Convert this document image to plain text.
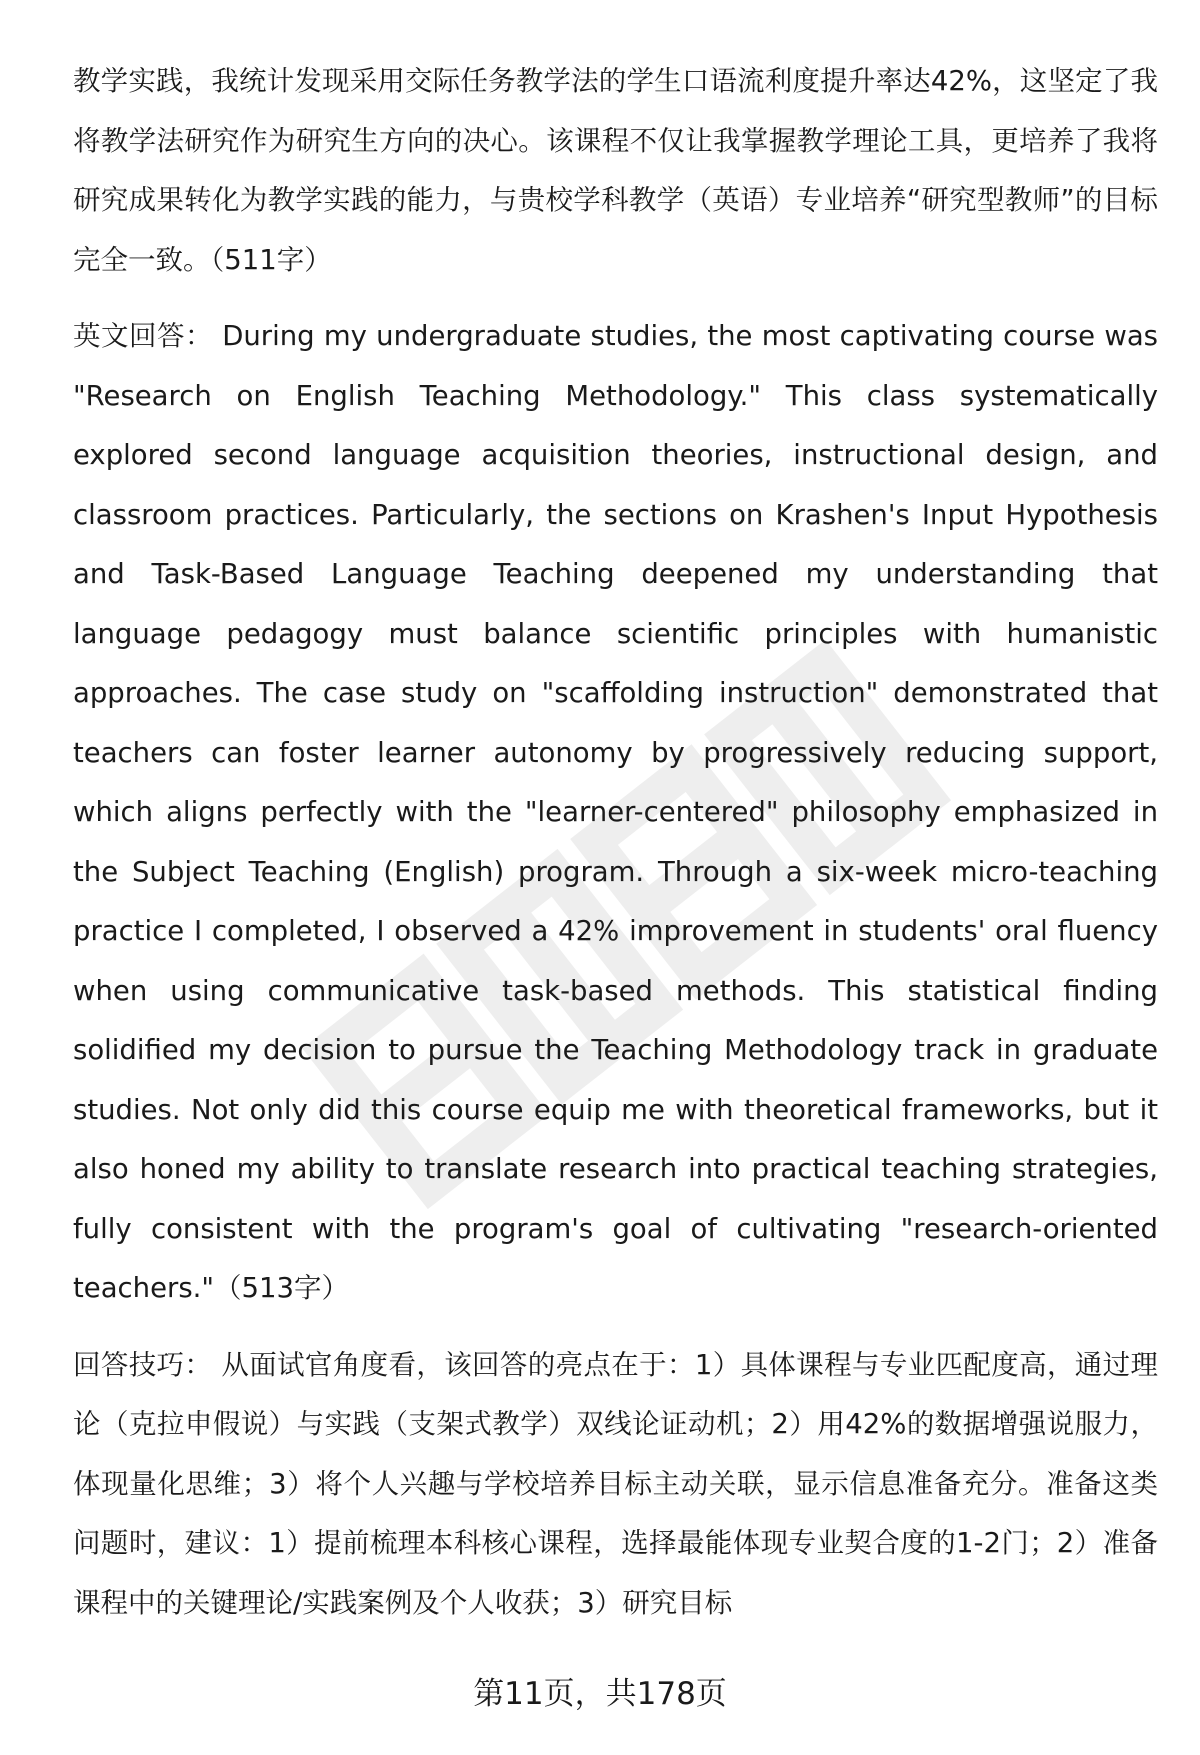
教学实践，我统计发现采用交际任务教学法的学生口语流利度提升率达42%，这坚定了我将教学法研究作为研究生方向的决心。该课程不仅让我掌握教学理论工具，更培养了我将研究成果转化为教学实践的能力，与贵校学科教学（英语）专业培养“研究型教师”的目标完全一致。（511字）

英文回答： During my undergraduate studies, the most captivating course was "Research on English Teaching Methodology." This class systematically explored second language acquisition theories, instructional design, and classroom practices. Particularly, the sections on Krashen's Input Hypothesis and Task-Based Language Teaching deepened my understanding that language pedagogy must balance scientific principles with humanistic approaches. The case study on "scaffolding instruction" demonstrated that teachers can foster learner autonomy by progressively reducing support, which aligns perfectly with the "learner-centered" philosophy emphasized in the Subject Teaching (English) program. Through a six-week micro-teaching practice I completed, I observed a 42% improvement in students' oral fluency when using communicative task-based methods. This statistical finding solidified my decision to pursue the Teaching Methodology track in graduate studies. Not only did this course equip me with theoretical frameworks, but it also honed my ability to translate research into practical teaching strategies, fully consistent with the program's goal of cultivating "research-oriented teachers."（513字）

回答技巧： 从面试官角度看，该回答的亮点在于：1）具体课程与专业匹配度高，通过理论（克拉申假说）与实践（支架式教学）双线论证动机；2）用42%的数据增强说服力，体现量化思维；3）将个人兴趣与学校培养目标主动关联，显示信息准备充分。准备这类问题时，建议：1）提前梳理本科核心课程，选择最能体现专业契合度的1-2门；2）准备课程中的关键理论/实践案例及个人收获；3）研究目标

第11页，共178页
